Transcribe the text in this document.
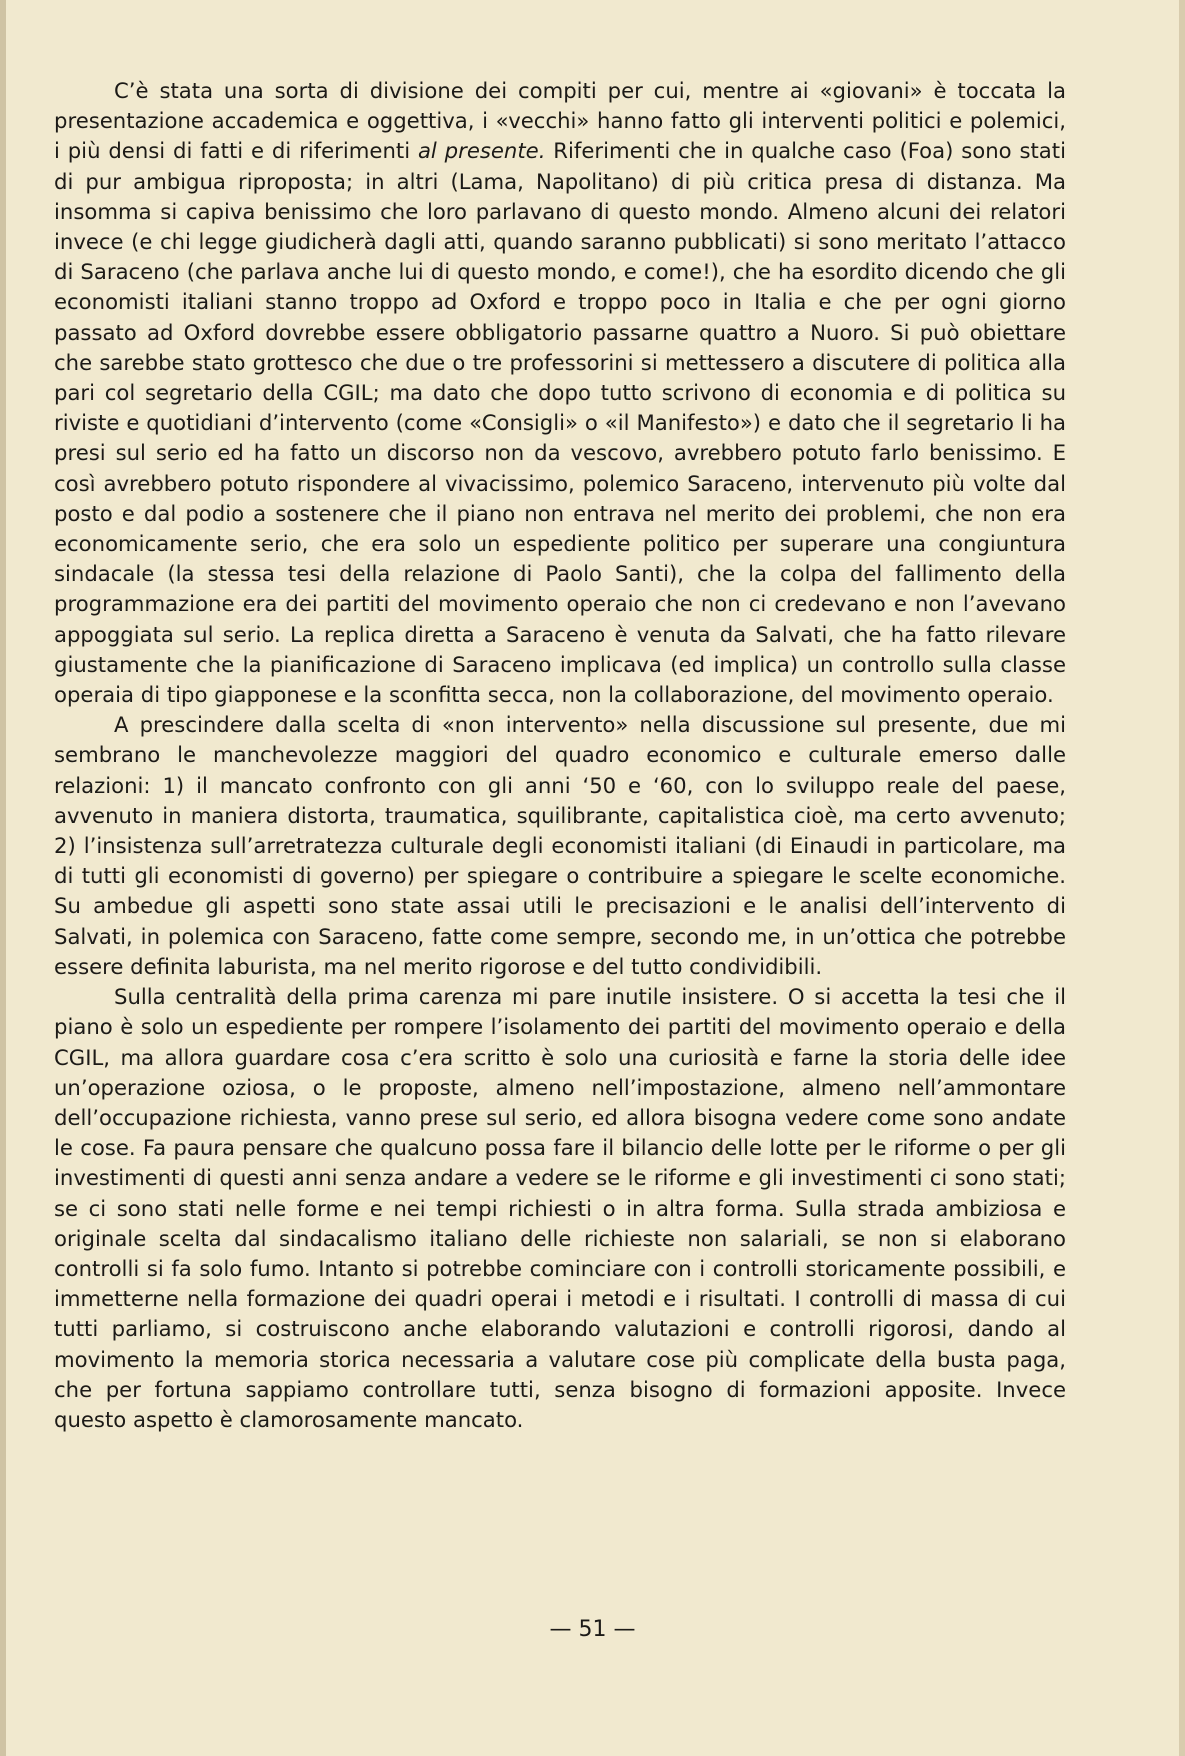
C’è stata una sorta di divisione dei compiti per cui, mentre ai «giovani» è toccata la presentazione accademica e oggettiva, i «vecchi» hanno fatto gli interventi politici e polemici, i più densi di fatti e di riferimenti al presente. Riferimenti che in qualche caso (Foa) sono stati di pur ambigua riproposta; in altri (Lama, Napolitano) di più critica presa di distanza. Ma insomma si capiva benissimo che loro parlavano di questo mondo. Almeno alcuni dei relatori invece (e chi legge giudicherà dagli atti, quando saranno pubblicati) si sono meritato l’attacco di Saraceno (che parlava anche lui di questo mondo, e come!), che ha esordito dicendo che gli economisti italiani stanno troppo ad Oxford e troppo poco in Italia e che per ogni giorno passato ad Oxford dovrebbe essere obbligatorio passarne quattro a Nuoro. Si può obiettare che sarebbe stato grottesco che due o tre professorini si mettessero a discutere di politica alla pari col segretario della CGIL; ma dato che dopo tutto scrivono di economia e di politica su riviste e quotidiani d’intervento (come «Consigli» o «il Manifesto») e dato che il segretario li ha presi sul serio ed ha fatto un discorso non da vescovo, avrebbero potuto farlo benissimo. E così avrebbero potuto rispondere al vivacissimo, polemico Saraceno, intervenuto più volte dal posto e dal podio a sostenere che il piano non entrava nel merito dei problemi, che non era economicamente serio, che era solo un espediente politico per superare una congiuntura sindacale (la stessa tesi della relazione di Paolo Santi), che la colpa del fallimento della programmazione era dei partiti del movimento operaio che non ci credevano e non l’avevano appoggiata sul serio. La replica diretta a Saraceno è venuta da Salvati, che ha fatto rilevare giustamente che la pianificazione di Saraceno implicava (ed implica) un controllo sulla classe operaia di tipo giapponese e la sconfitta secca, non la collaborazione, del movimento operaio.

A prescindere dalla scelta di «non intervento» nella discussione sul presente, due mi sembrano le manchevolezze maggiori del quadro economico e culturale emerso dalle relazioni: 1) il mancato confronto con gli anni ‘50 e ‘60, con lo sviluppo reale del paese, avvenuto in maniera distorta, traumatica, squilibrante, capitalistica cioè, ma certo avvenuto; 2) l’insistenza sull’arretratezza culturale degli economisti italiani (di Einaudi in particolare, ma di tutti gli economisti di governo) per spiegare o contribuire a spiegare le scelte economiche. Su ambedue gli aspetti sono state assai utili le precisazioni e le analisi dell’intervento di Salvati, in polemica con Saraceno, fatte come sempre, secondo me, in un’ottica che potrebbe essere definita laburista, ma nel merito rigorose e del tutto condividibili.

Sulla centralità della prima carenza mi pare inutile insistere. O si accetta la tesi che il piano è solo un espediente per rompere l’isolamento dei partiti del movimento operaio e della CGIL, ma allora guardare cosa c’era scritto è solo una curiosità e farne la storia delle idee un’operazione oziosa, o le proposte, almeno nell’impostazione, almeno nell’ammontare dell’occupazione richiesta, vanno prese sul serio, ed allora bisogna vedere come sono andate le cose. Fa paura pensare che qualcuno possa fare il bilancio delle lotte per le riforme o per gli investimenti di questi anni senza andare a vedere se le riforme e gli investimenti ci sono stati; se ci sono stati nelle forme e nei tempi richiesti o in altra forma. Sulla strada ambiziosa e originale scelta dal sindacalismo italiano delle richieste non salariali, se non si elaborano controlli si fa solo fumo. Intanto si potrebbe cominciare con i controlli storicamente possibili, e immetterne nella formazione dei quadri operai i metodi e i risultati. I controlli di massa di cui tutti parliamo, si costruiscono anche elaborando valutazioni e controlli rigorosi, dando al movimento la memoria storica necessaria a valutare cose più complicate della busta paga, che per fortuna sappiamo controllare tutti, senza bisogno di formazioni apposite. Invece questo aspetto è clamorosamente mancato.

— 51 —
